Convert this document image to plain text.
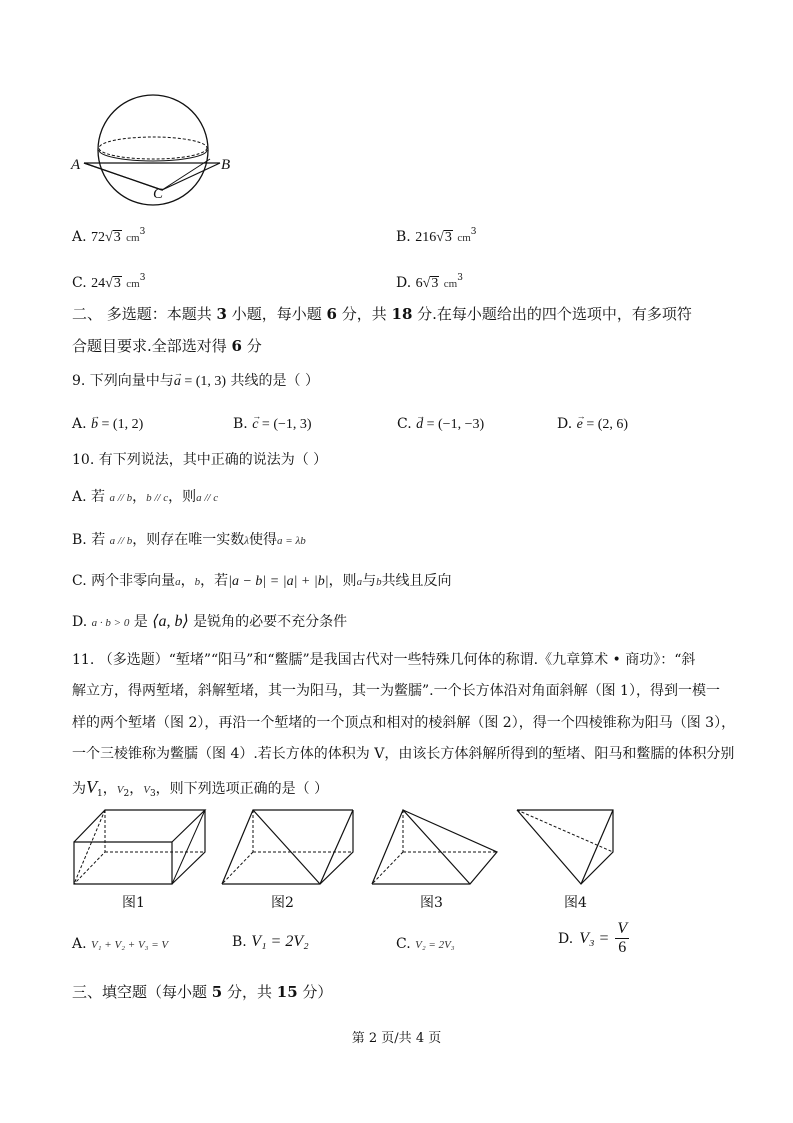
A	B
C
A. 72√3 $cm^3$	B. 216√3 $cm^3$
C. 24√3 $cm^3$	D. 6√3 $cm^3$
二、 多选题：本题共 3 小题，每小题 6 分，共 18 分.在每小题给出的四个选项中，有多项符
合题目要求.全部选对得 6 分
9. 下列向量中与→ a = (1, 3) 共线的是（ ）
A. → b = (1, 2)	B. → c = (−1, 3)	C. → d = (−1, −3)	D. → e = (2, 6)
10. 有下列说法，其中正确的说法为（ ）
A. 若 a // b，b // c，则a // c
B. 若 a // b，则存在唯一实数λ使得a = λb
C. 两个非零向量a，b，若|a − b| = |a| + |b|，则a与b共线且反向
D. a · b > 0 是 ⟨a, b⟩ 是锐角的必要不充分条件
11. （多选题）“堑堵”“阳马”和“鳖臑”是我国古代对一些特殊几何体的称谓.《九章算术 • 商功》：“斜
解立方，得两堑堵，斜解堑堵，其一为阳马，其一为鳖臑”.一个长方体沿对角面斜解（图 1），得到一模一
样的两个堑堵（图 2），再沿一个堑堵的一个顶点和相对的棱斜解（图 2），得一个四棱锥称为阳马（图 3），
一个三棱锥称为鳖臑（图 4）.若长方体的体积为 V，由该长方体斜解所得到的堑堵、阳马和鳖臑的体积分别
为$V_1$，$V_2$，$V_3$，则下列选项正确的是（ ）
图1	图2	图3	图4
A. V₁ + V₂ + V₃ = V	B. V₁ = 2V₂	C. V₂ = 2V₃	D. $V_3 = \frac{V}{6}$
三、填空题（每小题 5 分，共 15 分）
第 2 页/共 4 页
